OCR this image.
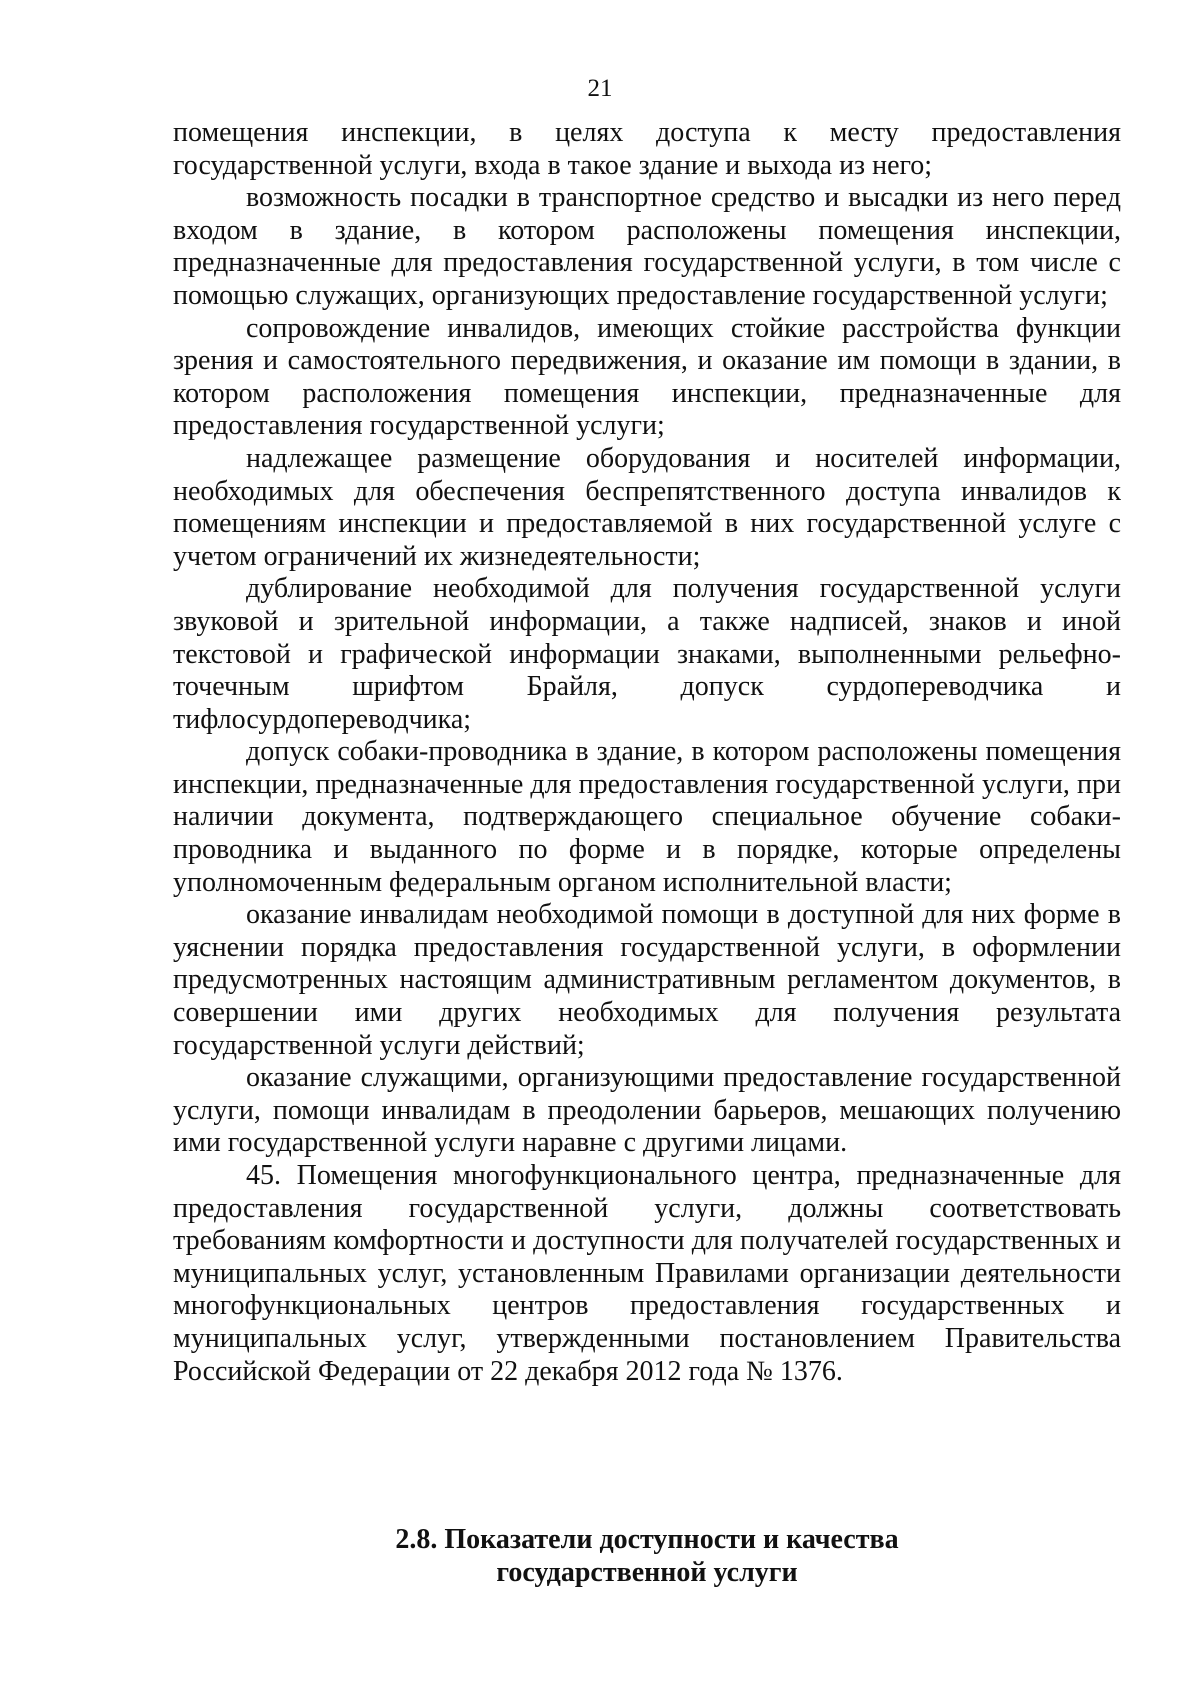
21

помещения инспекции, в целях доступа к месту предоставления государственной услуги, входа в такое здание и выхода из него;

возможность посадки в транспортное средство и высадки из него перед входом в здание, в котором расположены помещения инспекции, предназначенные для предоставления государственной услуги, в том числе с помощью служащих, организующих предоставление государственной услуги;

сопровождение инвалидов, имеющих стойкие расстройства функции зрения и самостоятельного передвижения, и оказание им помощи в здании, в котором расположения помещения инспекции, предназначенные для предоставления государственной услуги;

надлежащее размещение оборудования и носителей информации, необходимых для обеспечения беспрепятственного доступа инвалидов к помещениям инспекции и предоставляемой в них государственной услуге с учетом ограничений их жизнедеятельности;

дублирование необходимой для получения государственной услуги звуковой и зрительной информации, а также надписей, знаков и иной текстовой и графической информации знаками, выполненными рельефно-точечным шрифтом Брайля, допуск сурдопереводчика и тифлосурдопереводчика;

допуск собаки-проводника в здание, в котором расположены помещения инспекции, предназначенные для предоставления государственной услуги, при наличии документа, подтверждающего специальное обучение собаки-проводника и выданного по форме и в порядке, которые определены уполномоченным федеральным органом исполнительной власти;

оказание инвалидам необходимой помощи в доступной для них форме в уяснении порядка предоставления государственной услуги, в оформлении предусмотренных настоящим административным регламентом документов, в совершении ими других необходимых для получения результата государственной услуги действий;

оказание служащими, организующими предоставление государственной услуги, помощи инвалидам в преодолении барьеров, мешающих получению ими государственной услуги наравне с другими лицами.

45. Помещения многофункционального центра, предназначенные для предоставления государственной услуги, должны соответствовать требованиям комфортности и доступности для получателей государственных и муниципальных услуг, установленным Правилами организации деятельности многофункциональных центров предоставления государственных и муниципальных услуг, утвержденными постановлением Правительства Российской Федерации от 22 декабря 2012 года № 1376.

2.8. Показатели доступности и качества
государственной услуги
